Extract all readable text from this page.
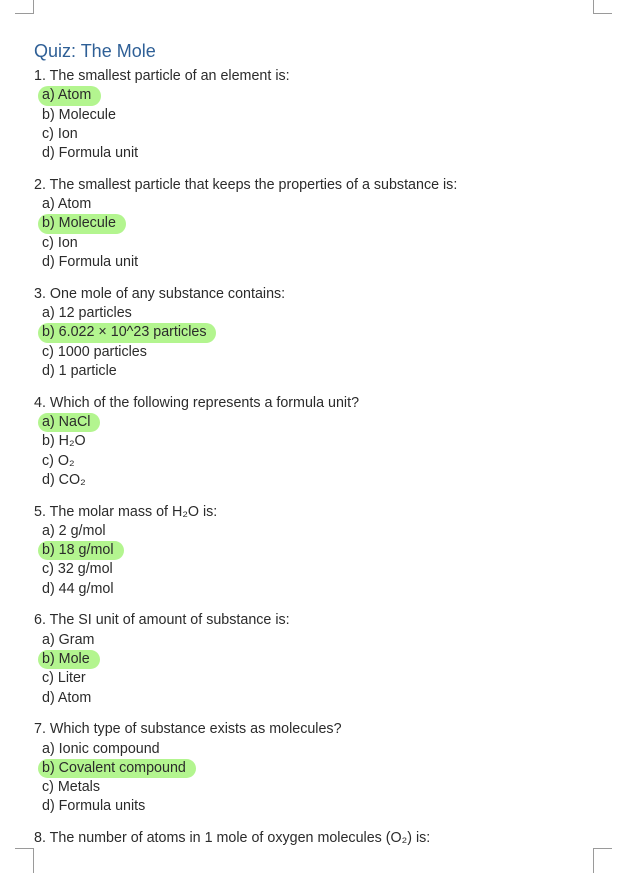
Quiz: The Mole
1. The smallest particle of an element is:
a) Atom
b) Molecule
c) Ion
d) Formula unit
2. The smallest particle that keeps the properties of a substance is:
a) Atom
b) Molecule
c) Ion
d) Formula unit
3. One mole of any substance contains:
a) 12 particles
b) 6.022 × 10^23 particles
c) 1000 particles
d) 1 particle
4. Which of the following represents a formula unit?
a) NaCl
b) H₂O
c) O₂
d) CO₂
5. The molar mass of H₂O is:
a) 2 g/mol
b) 18 g/mol
c) 32 g/mol
d) 44 g/mol
6. The SI unit of amount of substance is:
a) Gram
b) Mole
c) Liter
d) Atom
7. Which type of substance exists as molecules?
a) Ionic compound
b) Covalent compound
c) Metals
d) Formula units
8. The number of atoms in 1 mole of oxygen molecules (O₂) is:
